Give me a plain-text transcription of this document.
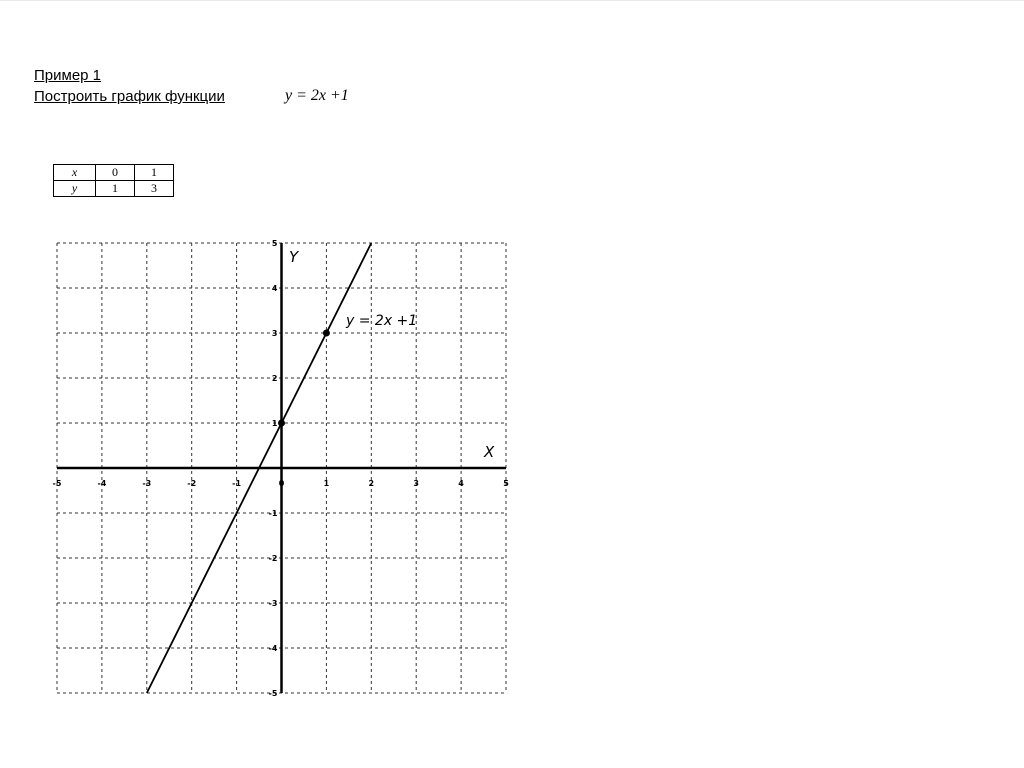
Пример 1
Построить график функции	y = 2x +1
x	0	1
y	1	3
-5	-4	-3	-2	-1	0	1	2	3	4	5
-5
-4
-3
-2
-1
1
2
3
4
5
X
Y
y = 2x +1
